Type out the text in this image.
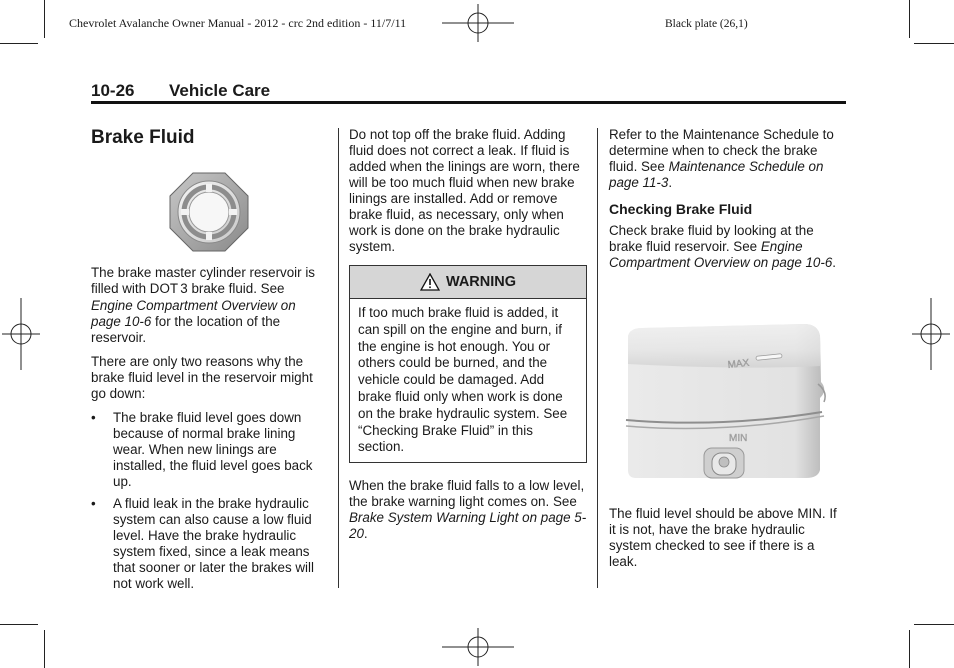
Chevrolet Avalanche Owner Manual - 2012 - crc 2nd edition - 11/7/11	Black plate (26,1)
10-26 Vehicle Care
Brake Fluid

The brake master cylinder reservoir is filled with DOT  3 brake fluid. See Engine Compartment Overview on page 10-6 for the location of the reservoir.

There are only two reasons why the brake fluid level in the reservoir might go down:

• The brake fluid level goes down because of normal brake lining wear. When new linings are installed, the fluid level goes back up.
• A fluid leak in the brake hydraulic system can also cause a low fluid level. Have the brake hydraulic system fixed, since a leak means that sooner or later the brakes will not work well.

Do not top off the brake fluid. Adding fluid does not correct a leak. If fluid is added when the linings are worn, there will be too much fluid when new brake linings are installed. Add or remove brake fluid, as necessary, only when work is done on the brake hydraulic system.

WARNING
If too much brake fluid is added, it can spill on the engine and burn, if the engine is hot enough. You or others could be burned, and the vehicle could be damaged. Add brake fluid only when work is done on the brake hydraulic system. See “Checking Brake Fluid” in this section.

When the brake fluid falls to a low level, the brake warning light comes on. See Brake System Warning Light on page 5-20.

Refer to the Maintenance Schedule to determine when to check the brake fluid. See Maintenance Schedule on page 11-3.

Checking Brake Fluid

Check brake fluid by looking at the brake fluid reservoir. See Engine Compartment Overview on page 10-6.

MAX
MIN

The fluid level should be above MIN. If it is not, have the brake hydraulic system checked to see if there is a leak.
